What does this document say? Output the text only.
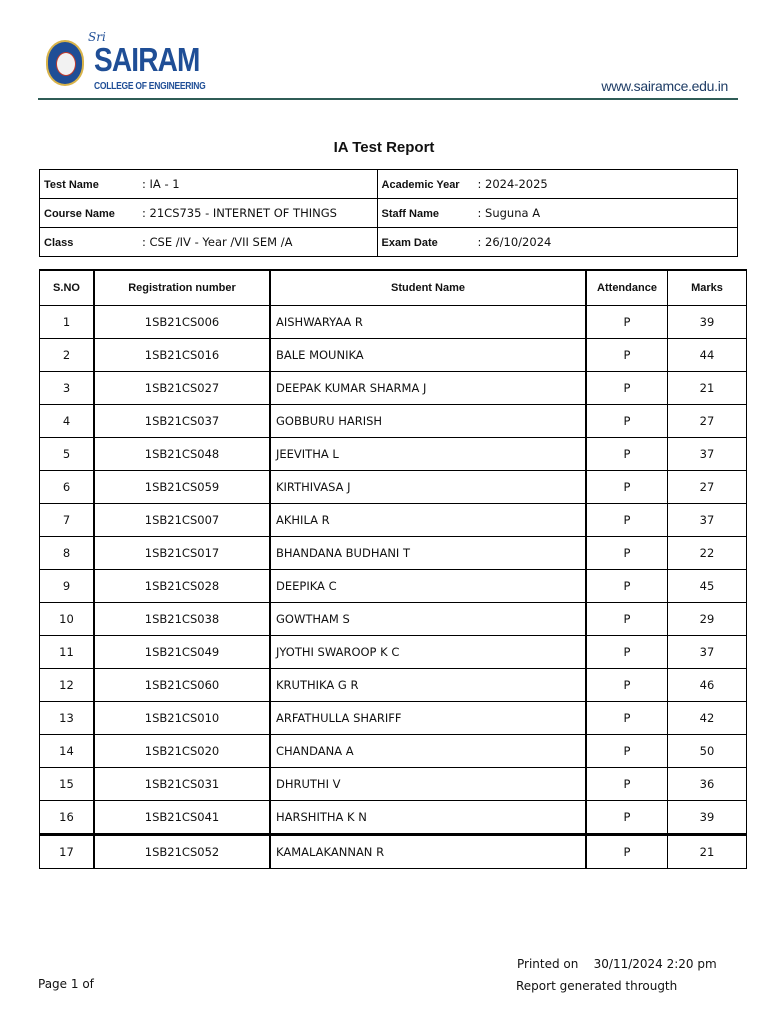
Sri
SAIRAM
COLLEGE OF ENGINEERING	www.sairamce.edu.in
IA Test Report
Test Name : IA - 1	Academic Year : 2024-2025
Course Name : 21CS735 - INTERNET OF THINGS	Staff Name : Suguna A
Class : CSE /IV - Year /VII SEM /A	Exam Date : 26/10/2024
S.NO	Registration number	Student Name	Attendance	Marks
1	1SB21CS006	AISHWARYAA R	P	39
2	1SB21CS016	BALE MOUNIKA	P	44
3	1SB21CS027	DEEPAK KUMAR SHARMA J	P	21
4	1SB21CS037	GOBBURU HARISH	P	27
5	1SB21CS048	JEEVITHA L	P	37
6	1SB21CS059	KIRTHIVASA J	P	27
7	1SB21CS007	AKHILA R	P	37
8	1SB21CS017	BHANDANA BUDHANI T	P	22
9	1SB21CS028	DEEPIKA C	P	45
10	1SB21CS038	GOWTHAM S	P	29
11	1SB21CS049	JYOTHI SWAROOP K C	P	37
12	1SB21CS060	KRUTHIKA G R	P	46
13	1SB21CS010	ARFATHULLA SHARIFF	P	42
14	1SB21CS020	CHANDANA A	P	50
15	1SB21CS031	DHRUTHI V	P	36
16	1SB21CS041	HARSHITHA K N	P	39
17	1SB21CS052	KAMALAKANNAN R	P	21
Printed on 30/11/2024 2:20 pm
Report generated througth
Page 1 of
